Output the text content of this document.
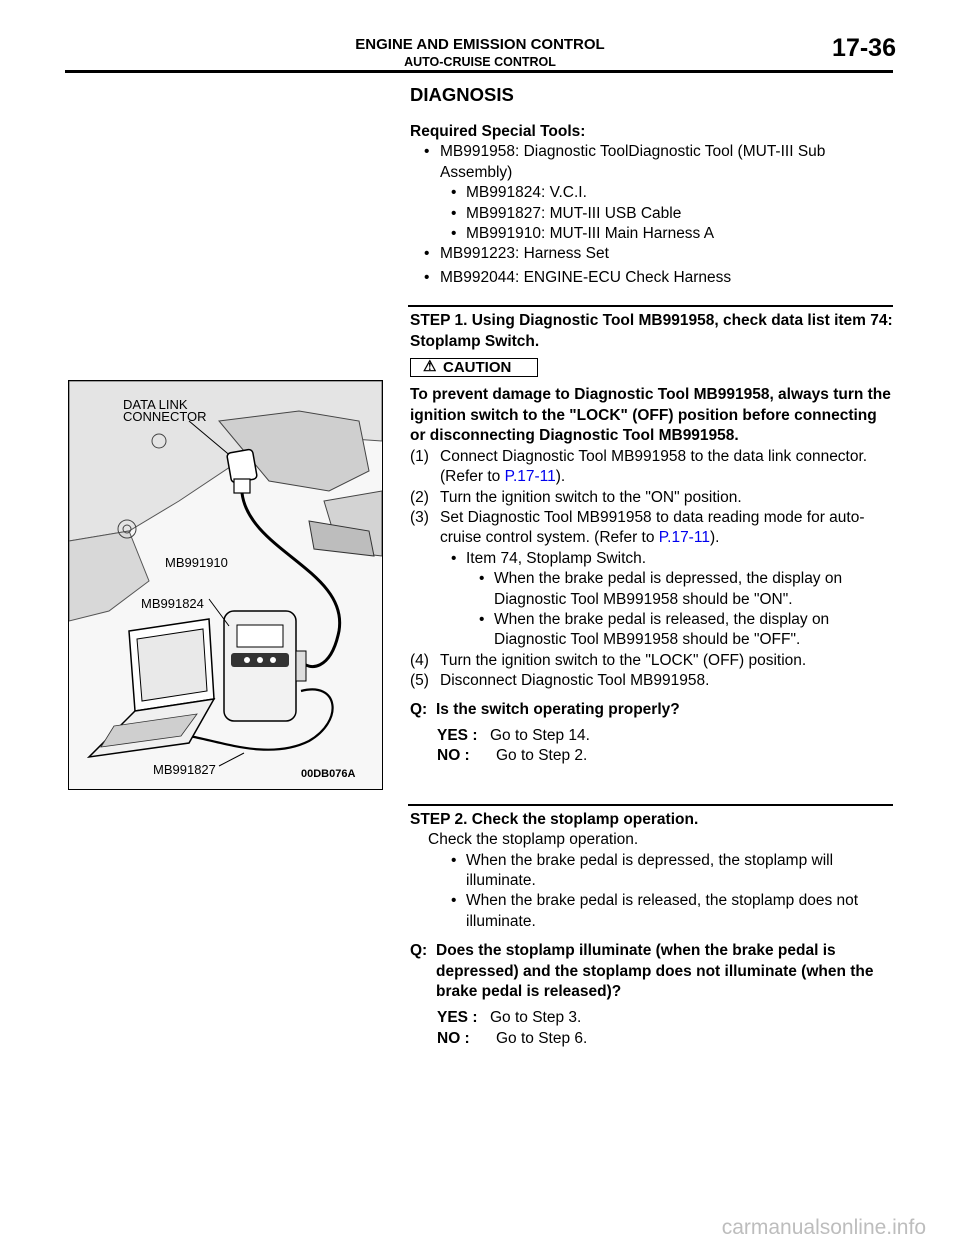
ENGINE AND EMISSION CONTROL
AUTO-CRUISE CONTROL	17-36
DATA LINK
CONNECTOR
MB991910
MB991824
MB991827	00DB076A
DIAGNOSIS
Required Special Tools:
• MB991958: Diagnostic ToolDiagnostic Tool (MUT-III Sub Assembly)
• MB991824: V.C.I.
• MB991827: MUT-III USB Cable
• MB991910: MUT-III Main Harness A
• MB991223: Harness Set
• MB992044: ENGINE-ECU Check Harness
STEP 1. Using Diagnostic Tool MB991958, check data list item 74: Stoplamp Switch.
⚠ CAUTION
To prevent damage to Diagnostic Tool MB991958, always turn the ignition switch to the "LOCK" (OFF) position before connecting or disconnecting Diagnostic Tool MB991958.
(1) Connect Diagnostic Tool MB991958 to the data link connector. (Refer to P.17-11).
(2) Turn the ignition switch to the "ON" position.
(3) Set Diagnostic Tool MB991958 to data reading mode for auto-cruise control system. (Refer to P.17-11).
• Item 74, Stoplamp Switch.
• When the brake pedal is depressed, the display on Diagnostic Tool MB991958 should be "ON".
• When the brake pedal is released, the display on Diagnostic Tool MB991958 should be "OFF".
(4) Turn the ignition switch to the "LOCK" (OFF) position.
(5) Disconnect Diagnostic Tool MB991958.
Q: Is the switch operating properly?
YES : Go to Step 14.
NO : Go to Step 2.
STEP 2. Check the stoplamp operation.
Check the stoplamp operation.
• When the brake pedal is depressed, the stoplamp will illuminate.
• When the brake pedal is released, the stoplamp does not illuminate.
Q: Does the stoplamp illuminate (when the brake pedal is depressed) and the stoplamp does not illuminate (when the brake pedal is released)?
YES : Go to Step 3.
NO : Go to Step 6.
carmanualsonline.info
